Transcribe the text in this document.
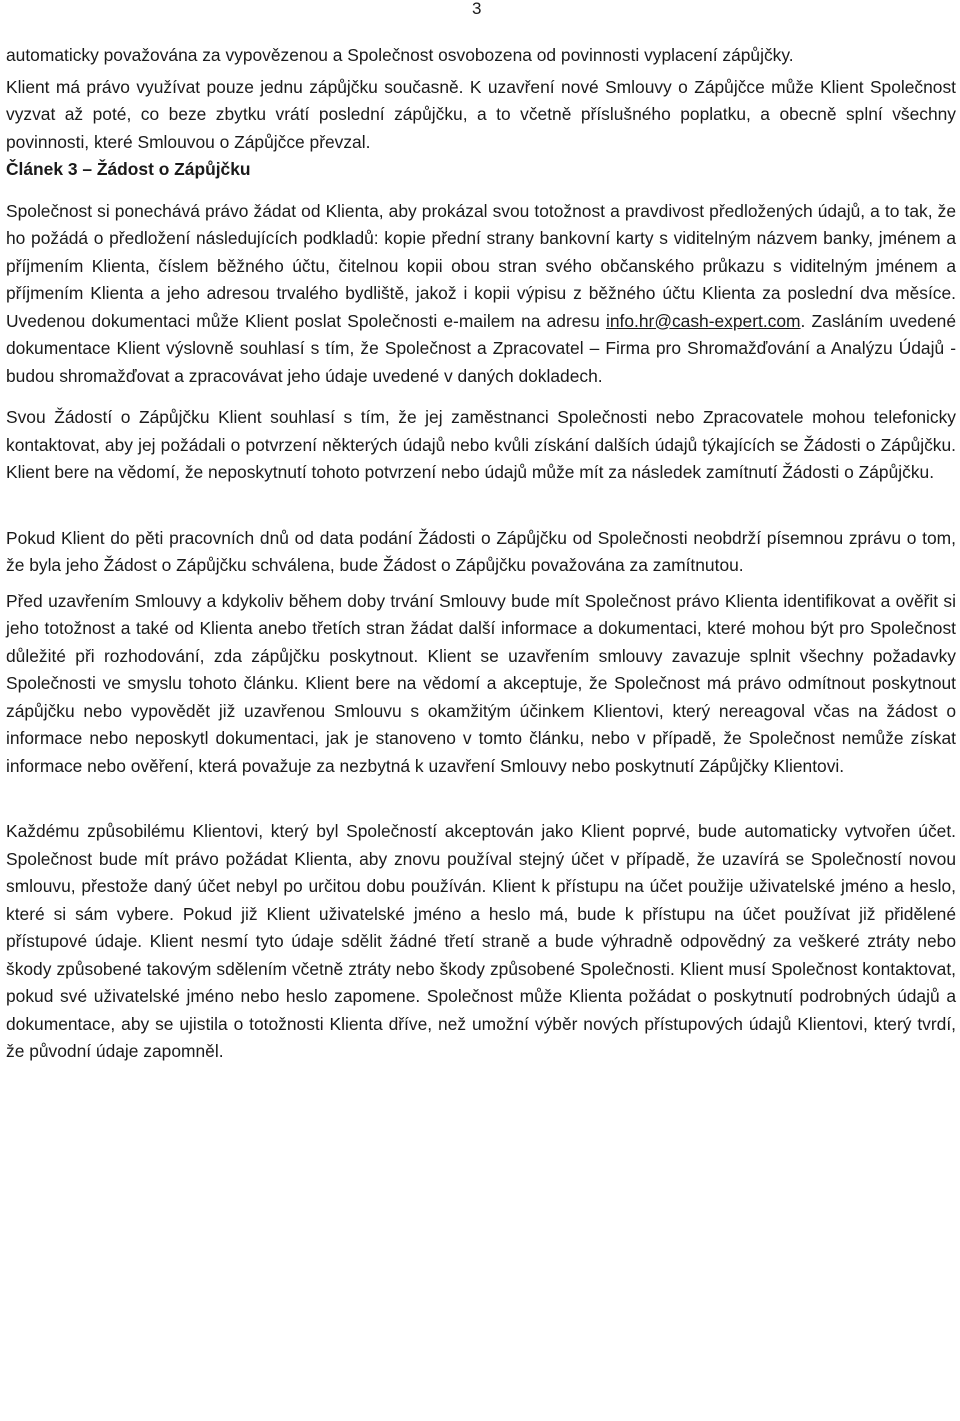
3

automaticky považována za vypovězenou a Společnost osvobozena od povinnosti vyplacení zápůjčky.

Klient má právo využívat pouze jednu zápůjčku současně. K uzavření nové Smlouvy o Zápůjčce může Klient Společnost vyzvat až poté, co beze zbytku vrátí poslední zápůjčku, a to včetně příslušného poplatku, a obecně splní všechny povinnosti, které Smlouvou o Zápůjčce převzal.

Článek 3 – Žádost o Zápůjčku

Společnost si ponechává právo žádat od Klienta, aby prokázal svou totožnost a pravdivost předložených údajů, a to tak, že ho požádá o předložení následujících podkladů: kopie přední strany bankovní karty s viditelným názvem banky, jménem a příjmením Klienta, číslem běžného účtu, čitelnou kopii obou stran svého občanského průkazu s viditelným jménem a příjmením Klienta a jeho adresou trvalého bydliště, jakož i kopii výpisu z běžného účtu Klienta za poslední dva měsíce. Uvedenou dokumentaci může Klient poslat Společnosti e-mailem na adresu info.hr@cash-expert.com. Zasláním uvedené dokumentace Klient výslovně souhlasí s tím, že Společnost a Zpracovatel – Firma pro Shromažďování a Analýzu Údajů - budou shromažďovat a zpracovávat jeho údaje uvedené v daných dokladech.

Svou Žádostí o Zápůjčku Klient souhlasí s tím, že jej zaměstnanci Společnosti nebo Zpracovatele mohou telefonicky kontaktovat, aby jej požádali o potvrzení některých údajů nebo kvůli získání dalších údajů týkajících se Žádosti o Zápůjčku. Klient bere na vědomí, že neposkytnutí tohoto potvrzení nebo údajů může mít za následek zamítnutí Žádosti o Zápůjčku.

Pokud Klient do pěti pracovních dnů od data podání Žádosti o Zápůjčku od Společnosti neobdrží písemnou zprávu o tom, že byla jeho Žádost o Zápůjčku schválena, bude Žádost o Zápůjčku považována za zamítnutou.

Před uzavřením Smlouvy a kdykoliv během doby trvání Smlouvy bude mít Společnost právo Klienta identifikovat a ověřit si jeho totožnost a také od Klienta anebo třetích stran žádat další informace a dokumentaci, které mohou být pro Společnost důležité při rozhodování, zda zápůjčku poskytnout. Klient se uzavřením smlouvy zavazuje splnit všechny požadavky Společnosti ve smyslu tohoto článku. Klient bere na vědomí a akceptuje, že Společnost má právo odmítnout poskytnout zápůjčku nebo vypovědět již uzavřenou Smlouvu s okamžitým účinkem Klientovi, který nereagoval včas na žádost o informace nebo neposkytl dokumentaci, jak je stanoveno v tomto článku, nebo v případě, že Společnost nemůže získat informace nebo ověření, která považuje za nezbytná k uzavření Smlouvy nebo poskytnutí Zápůjčky Klientovi.

Každému způsobilému Klientovi, který byl Společností akceptován jako Klient poprvé, bude automaticky vytvořen účet. Společnost bude mít právo požádat Klienta, aby znovu používal stejný účet v případě, že uzavírá se Společností novou smlouvu, přestože daný účet nebyl po určitou dobu používán. Klient k přístupu na účet použije uživatelské jméno a heslo, které si sám vybere. Pokud již Klient uživatelské jméno a heslo má, bude k přístupu na účet používat již přidělené přístupové údaje. Klient nesmí tyto údaje sdělit žádné třetí straně a bude výhradně odpovědný za veškeré ztráty nebo škody způsobené takovým sdělením včetně ztráty nebo škody způsobené Společnosti. Klient musí Společnost kontaktovat, pokud své uživatelské jméno nebo heslo zapomene. Společnost může Klienta požádat o poskytnutí podrobných údajů a dokumentace, aby se ujistila o totožnosti Klienta dříve, než umožní výběr nových přístupových údajů Klientovi, který tvrdí, že původní údaje zapomněl.
